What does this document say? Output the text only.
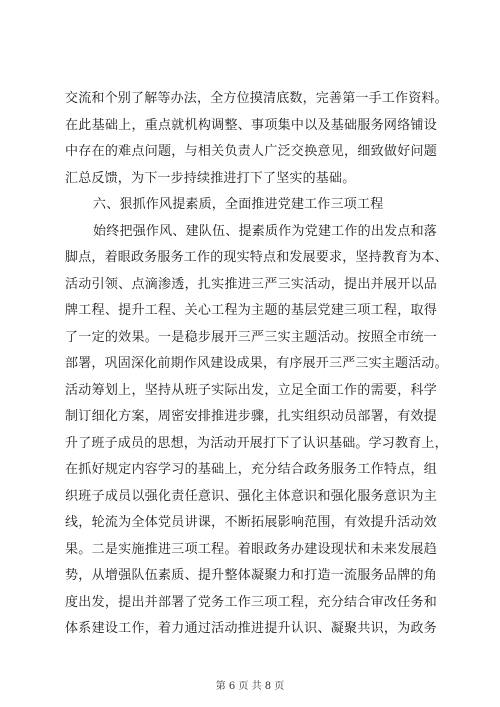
交流和个别了解等办法，全方位摸清底数，完善第一手工作资料。
在此基础上，重点就机构调整、事项集中以及基础服务网络铺设
中存在的难点问题，与相关负责人广泛交换意见，细致做好问题
汇总反馈，为下一步持续推进打下了坚实的基础。
六、狠抓作风提素质，全面推进党建工作三项工程
始终把强作风、建队伍、提素质作为党建工作的出发点和落
脚点，着眼政务服务工作的现实特点和发展要求，坚持教育为本、
活动引领、点滴渗透，扎实推进三严三实活动，提出并展开以品
牌工程、提升工程、关心工程为主题的基层党建三项工程，取得
了一定的效果。一是稳步展开三严三实主题活动。按照全市统一
部署，巩固深化前期作风建设成果，有序展开三严三实主题活动。
活动筹划上，坚持从班子实际出发，立足全面工作的需要，科学
制订细化方案，周密安排推进步骤，扎实组织动员部署，有效提
升了班子成员的思想，为活动开展打下了认识基础。学习教育上，
在抓好规定内容学习的基础上，充分结合政务服务工作特点，组
织班子成员以强化责任意识、强化主体意识和强化服务意识为主
线，轮流为全体党员讲课，不断拓展影响范围，有效提升活动效
果。二是实施推进三项工程。着眼政务办建设现状和未来发展趋
势，从增强队伍素质、提升整体凝聚力和打造一流服务品牌的角
度出发，提出并部署了党务工作三项工程，充分结合审改任务和
体系建设工作，着力通过活动推进提升认识、凝聚共识，为政务
第 6 页 共 8 页
